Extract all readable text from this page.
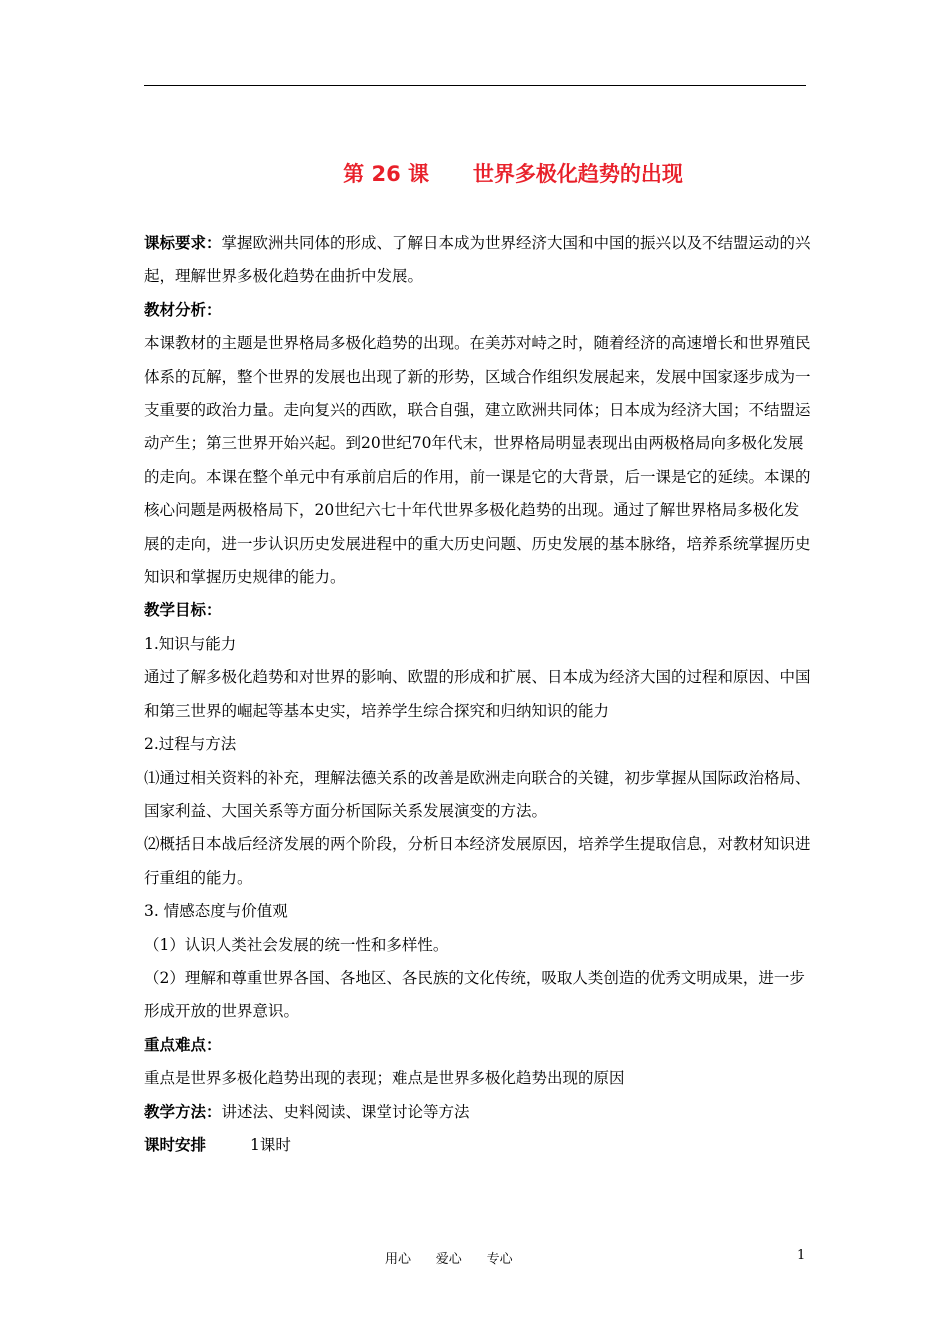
第 26 课      世界多极化趋势的出现

课标要求：掌握欧洲共同体的形成、了解日本成为世界经济大国和中国的振兴以及不结盟运动的兴起，理解世界多极化趋势在曲折中发展。

教材分析：

本课教材的主题是世界格局多极化趋势的出现。在美苏对峙之时，随着经济的高速增长和世界殖民体系的瓦解，整个世界的发展也出现了新的形势，区域合作组织发展起来，发展中国家逐步成为一支重要的政治力量。走向复兴的西欧，联合自强，建立欧洲共同体；日本成为经济大国；不结盟运动产生；第三世界开始兴起。到20世纪70年代末，世界格局明显表现出由两极格局向多极化发展的走向。本课在整个单元中有承前启后的作用，前一课是它的大背景，后一课是它的延续。本课的核心问题是两极格局下，20世纪六七十年代世界多极化趋势的出现。通过了解世界格局多极化发展的走向，进一步认识历史发展进程中的重大历史问题、历史发展的基本脉络，培养系统掌握历史知识和掌握历史规律的能力。

教学目标：

1.知识与能力

通过了解多极化趋势和对世界的影响、欧盟的形成和扩展、日本成为经济大国的过程和原因、中国和第三世界的崛起等基本史实，培养学生综合探究和归纳知识的能力

2.过程与方法

⑴通过相关资料的补充，理解法德关系的改善是欧洲走向联合的关键，初步掌握从国际政治格局、国家利益、大国关系等方面分析国际关系发展演变的方法。

⑵概括日本战后经济发展的两个阶段，分析日本经济发展原因，培养学生提取信息，对教材知识进行重组的能力。

3. 情感态度与价值观

（1）认识人类社会发展的统一性和多样性。

（2）理解和尊重世界各国、各地区、各民族的文化传统，吸取人类创造的优秀文明成果，进一步形成开放的世界意识。

重点难点：

重点是世界多极化趋势出现的表现；难点是世界多极化趋势出现的原因

教学方法：讲述法、史料阅读、课堂讨论等方法

课时安排	1课时

用心      爱心      专心	1
